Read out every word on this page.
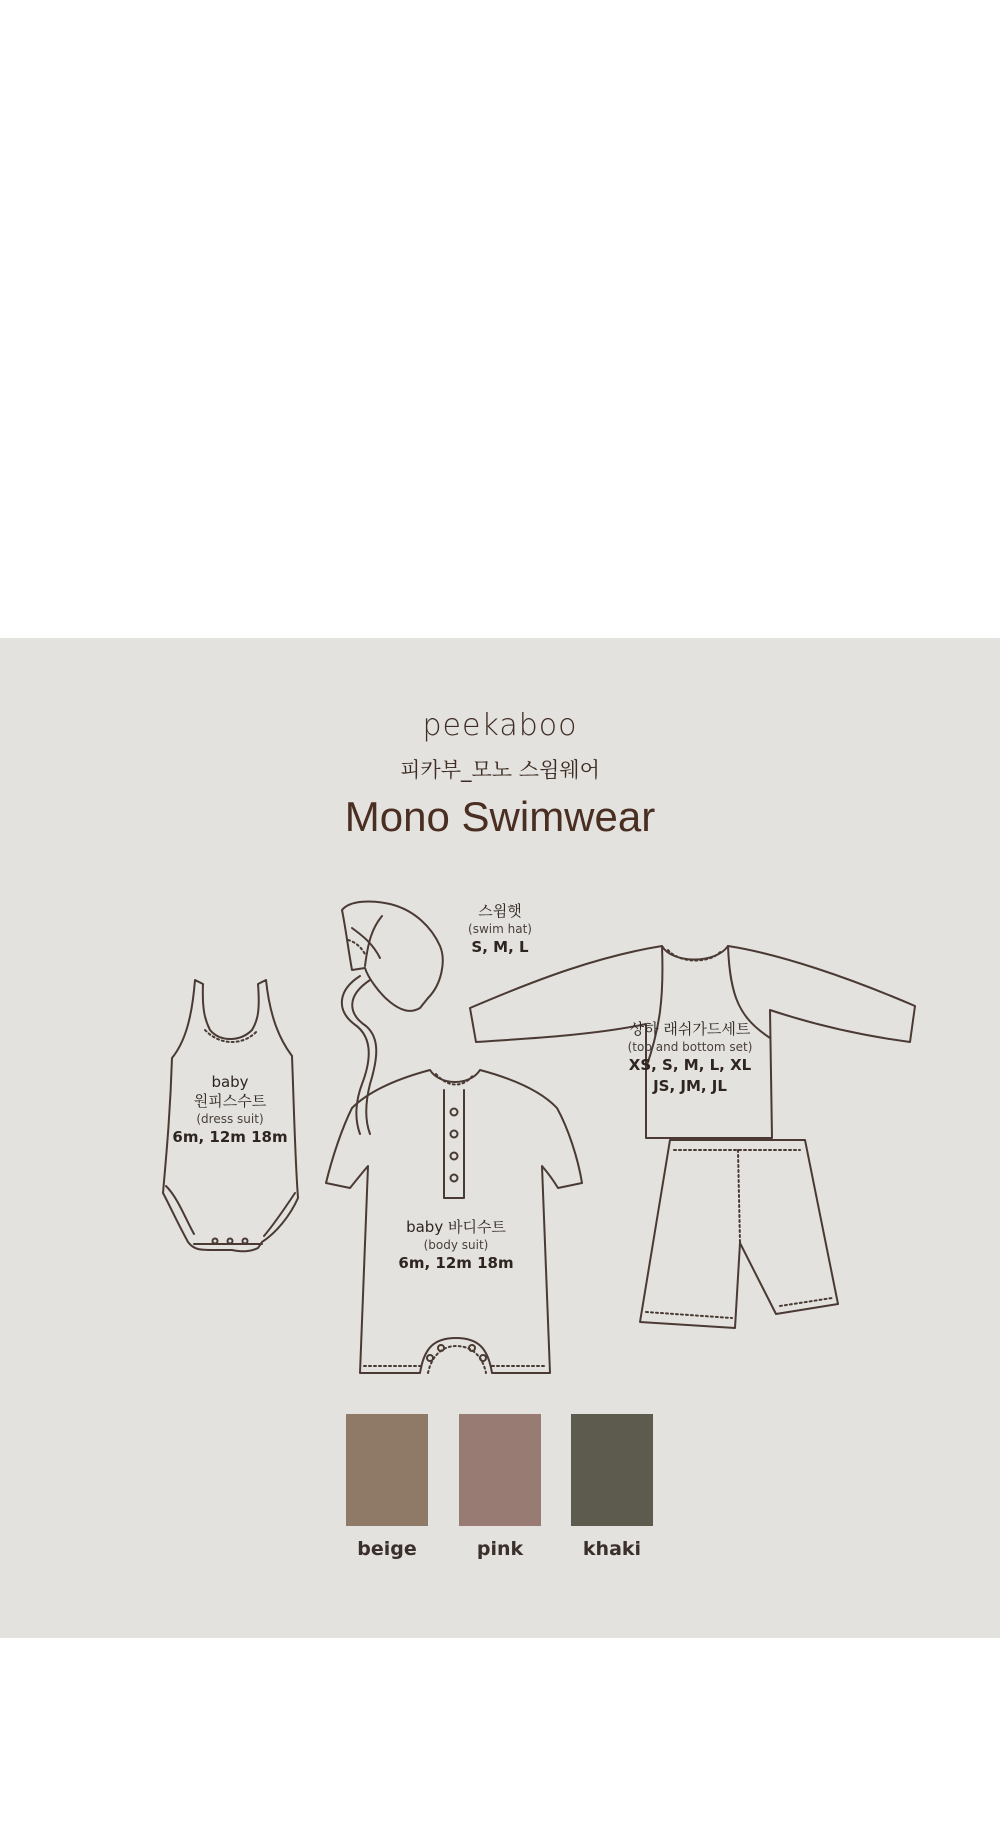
peekaboo

피카부_모노 스윔웨어

Mono Swimwear

스윔햇
(swim hat)
S, M, L
baby
원피스수트
(dress suit)
6m, 12m 18m
baby 바디수트
(body suit)
6m, 12m 18m
상하 래쉬가드세트
(top and bottom set)
XS, S, M, L, XL
JS, JM, JL
beige	pink	khaki
